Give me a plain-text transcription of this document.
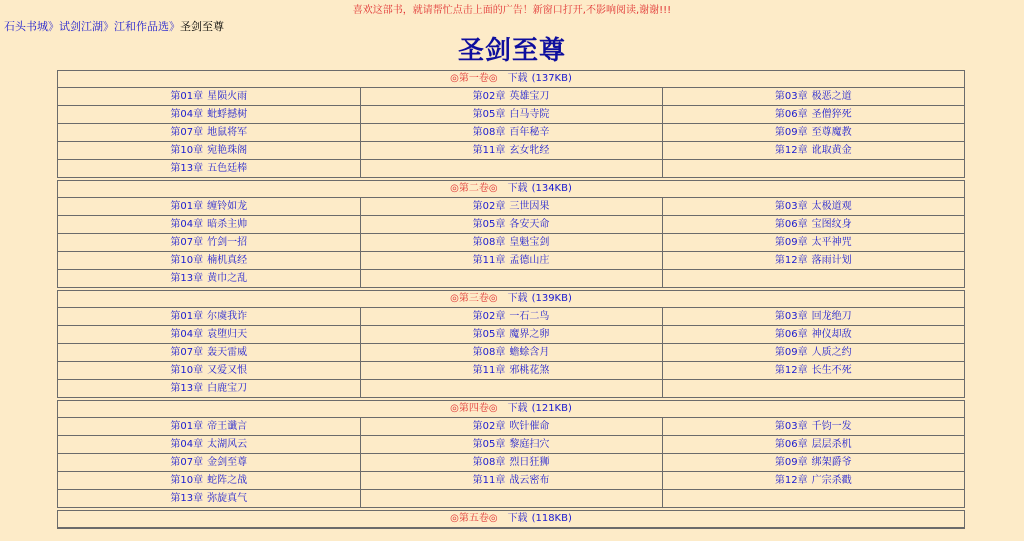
喜欢这部书，就请帮忙点击上面的广告！新窗口打开,不影响阅读,谢谢!!!
石头书城》试剑江湖》江和作品选》圣剑至尊
圣剑至尊
◎第一卷◎ 下载 (137KB)
第01章 星陨火雨	第02章 英雄宝刀	第03章 极恶之道
第04章 蚍蜉撼树	第05章 白马寺院	第06章 圣僧猝死
第07章 地鼠将军	第08章 百年秘辛	第09章 至尊魔教
第10章 宛艳珠阁	第11章 玄女牝经	第12章 讹取黄金
第13章 五色廷棒		
◎第二卷◎ 下载 (134KB)
第01章 缠铃如龙	第02章 三世因果	第03章 太极道观
第04章 暗杀主帅	第05章 各安天命	第06章 宝图纹身
第07章 竹剑一招	第08章 皇魁宝剑	第09章 太平神咒
第10章 楠机真经	第11章 孟德山庄	第12章 落雨计划
第13章 黄巾之乱		
◎第三卷◎ 下载 (139KB)
第01章 尔虞我诈	第02章 一石二鸟	第03章 回龙绝刀
第04章 袁堕归天	第05章 魔界之卵	第06章 神仪却敌
第07章 轰天雷威	第08章 蟾蜍含月	第09章 人质之约
第10章 又爱又恨	第11章 邪桃花煞	第12章 长生不死
第13章 白鹿宝刀		
◎第四卷◎ 下载 (121KB)
第01章 帝王谶言	第02章 吹针催命	第03章 千钧一发
第04章 太湖风云	第05章 黎庭扫穴	第06章 层层杀机
第07章 金剑至尊	第08章 烈日狂狮	第09章 绑架爵爷
第10章 蛇阵之战	第11章 战云密布	第12章 广宗杀戳
第13章 弥旋真气		
◎第五卷◎ 下载 (118KB)
